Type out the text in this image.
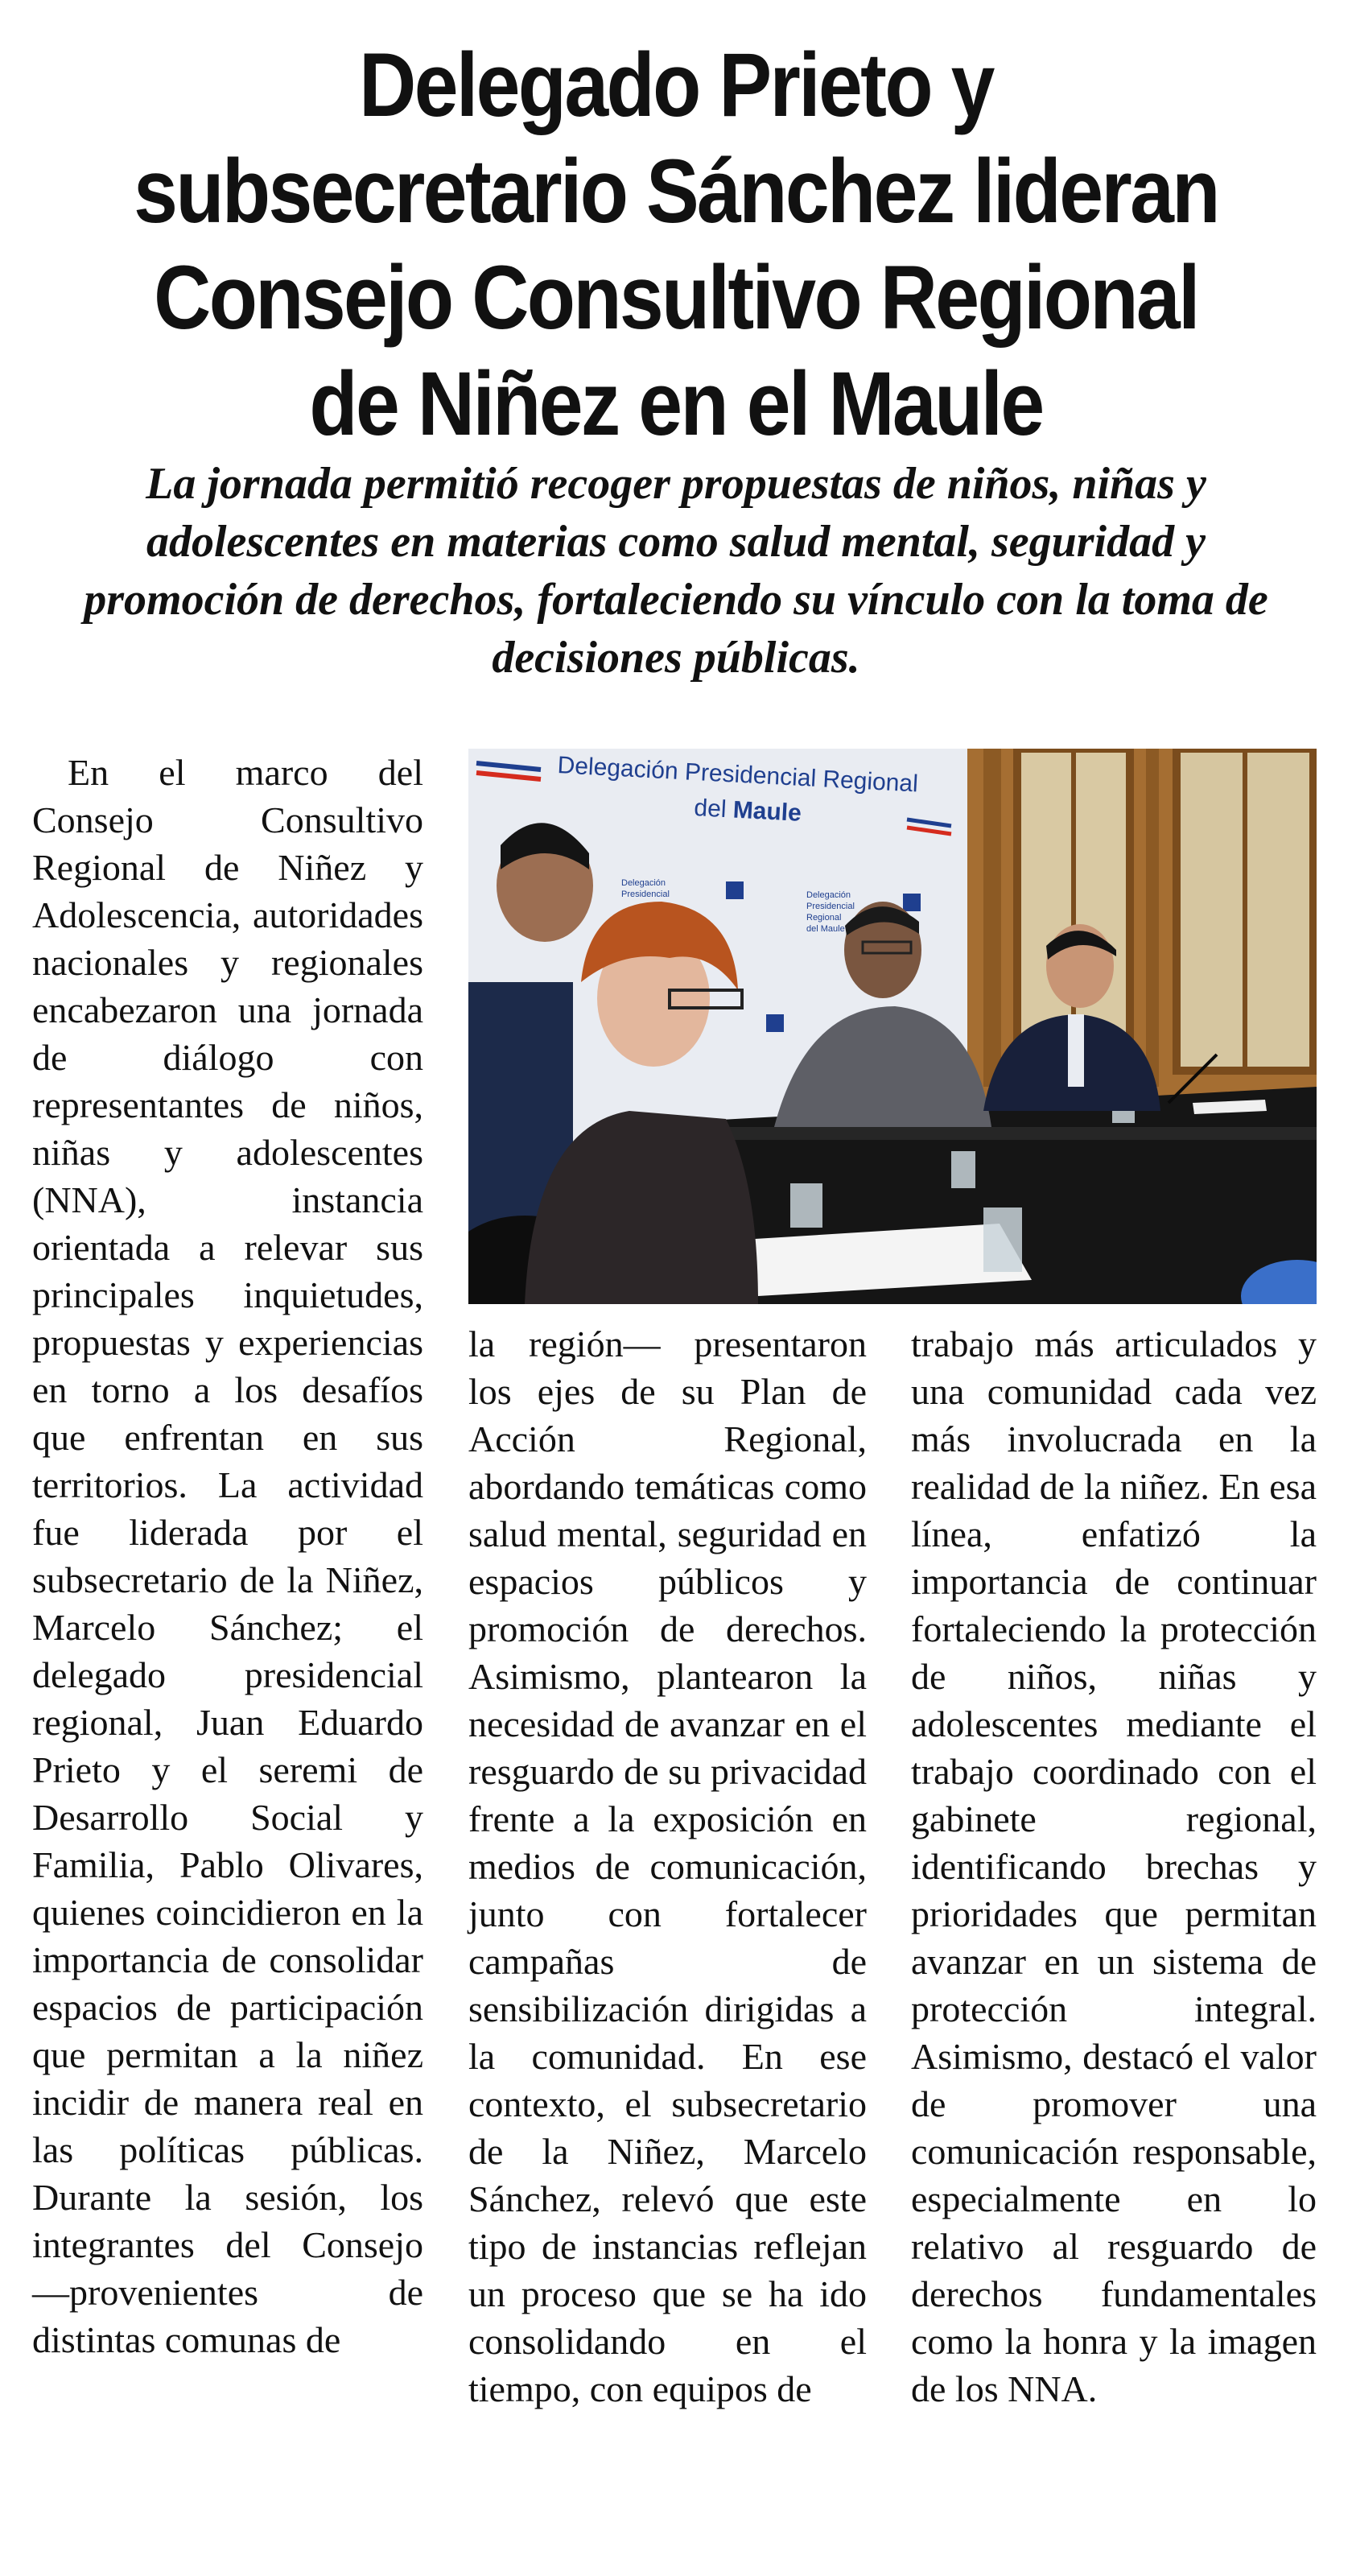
Delegado Prieto y subsecretario Sánchez lideran Consejo Consultivo Regional de Niñez en el Maule

La jornada permitió recoger propuestas de niños, niñas y adolescentes en materias como salud mental, seguridad y promoción de derechos, fortaleciendo su vínculo con la toma de decisiones públicas.

En el marco del Consejo Consultivo Regional de Niñez y Adolescencia, autoridades nacionales y regionales encabezaron una jornada de diálogo con representantes de niños, niñas y adolescentes (NNA), instancia orientada a relevar sus principales inquietudes, propuestas y experiencias en torno a los desafíos que enfrentan en sus territorios. La actividad fue liderada por el subsecretario de la Niñez, Marcelo Sánchez; el delegado presidencial regional, Juan Eduardo Prieto y el seremi de Desarrollo Social y Familia, Pablo Olivares, quienes coincidieron en la importancia de consolidar espacios de participación que permitan a la niñez incidir de manera real en las políticas públicas. Durante la sesión, los integrantes del Consejo —provenientes de distintas comunas de

Delegación Presidencial Regional
del Maule
Delegación
Presidencial	Delegación
Presidencial
Regional
del Maule

la región— presentaron los ejes de su Plan de Acción Regional, abordando temáticas como salud mental, seguridad en espacios públicos y promoción de derechos. Asimismo, plantearon la necesidad de avanzar en el resguardo de su privacidad frente a la exposición en medios de comunicación, junto con fortalecer campañas de sensibilización dirigidas a la comunidad. En ese contexto, el subsecretario de la Niñez, Marcelo Sánchez, relevó que este tipo de instancias reflejan un proceso que se ha ido consolidando en el tiempo, con equipos de

trabajo más articulados y una comunidad cada vez más involucrada en la realidad de la niñez. En esa línea, enfatizó la importancia de continuar fortaleciendo la protección de niños, niñas y adolescentes mediante el trabajo coordinado con el gabinete regional, identificando brechas y prioridades que permitan avanzar en un sistema de protección integral. Asimismo, destacó el valor de promover una comunicación responsable, especialmente en lo relativo al resguardo de derechos fundamentales como la honra y la imagen de los NNA.
